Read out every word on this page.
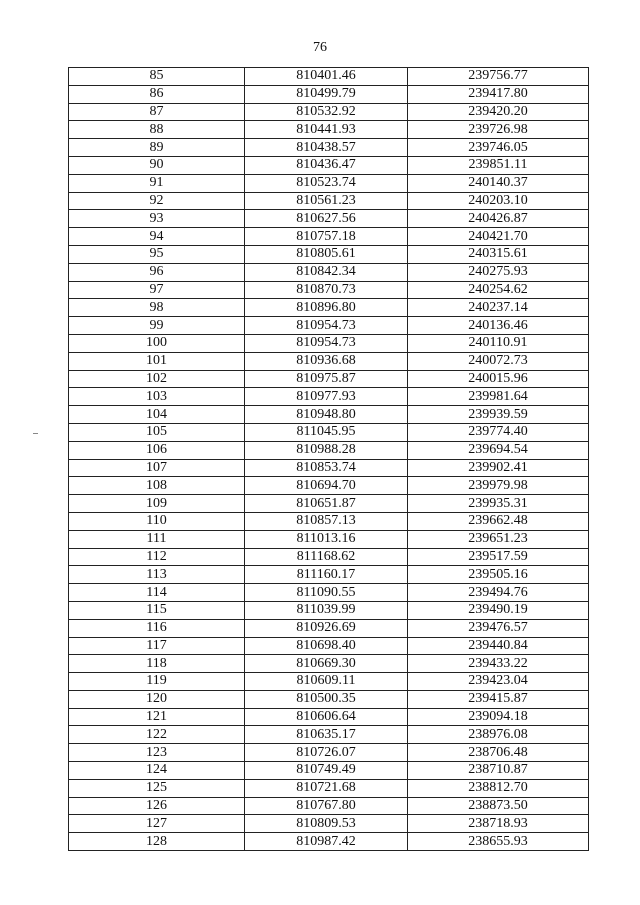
76
85	810401.46	239756.77
86	810499.79	239417.80
87	810532.92	239420.20
88	810441.93	239726.98
89	810438.57	239746.05
90	810436.47	239851.11
91	810523.74	240140.37
92	810561.23	240203.10
93	810627.56	240426.87
94	810757.18	240421.70
95	810805.61	240315.61
96	810842.34	240275.93
97	810870.73	240254.62
98	810896.80	240237.14
99	810954.73	240136.46
100	810954.73	240110.91
101	810936.68	240072.73
102	810975.87	240015.96
103	810977.93	239981.64
104	810948.80	239939.59
105	811045.95	239774.40
106	810988.28	239694.54
107	810853.74	239902.41
108	810694.70	239979.98
109	810651.87	239935.31
110	810857.13	239662.48
111	811013.16	239651.23
112	811168.62	239517.59
113	811160.17	239505.16
114	811090.55	239494.76
115	811039.99	239490.19
116	810926.69	239476.57
117	810698.40	239440.84
118	810669.30	239433.22
119	810609.11	239423.04
120	810500.35	239415.87
121	810606.64	239094.18
122	810635.17	238976.08
123	810726.07	238706.48
124	810749.49	238710.87
125	810721.68	238812.70
126	810767.80	238873.50
127	810809.53	238718.93
128	810987.42	238655.93
